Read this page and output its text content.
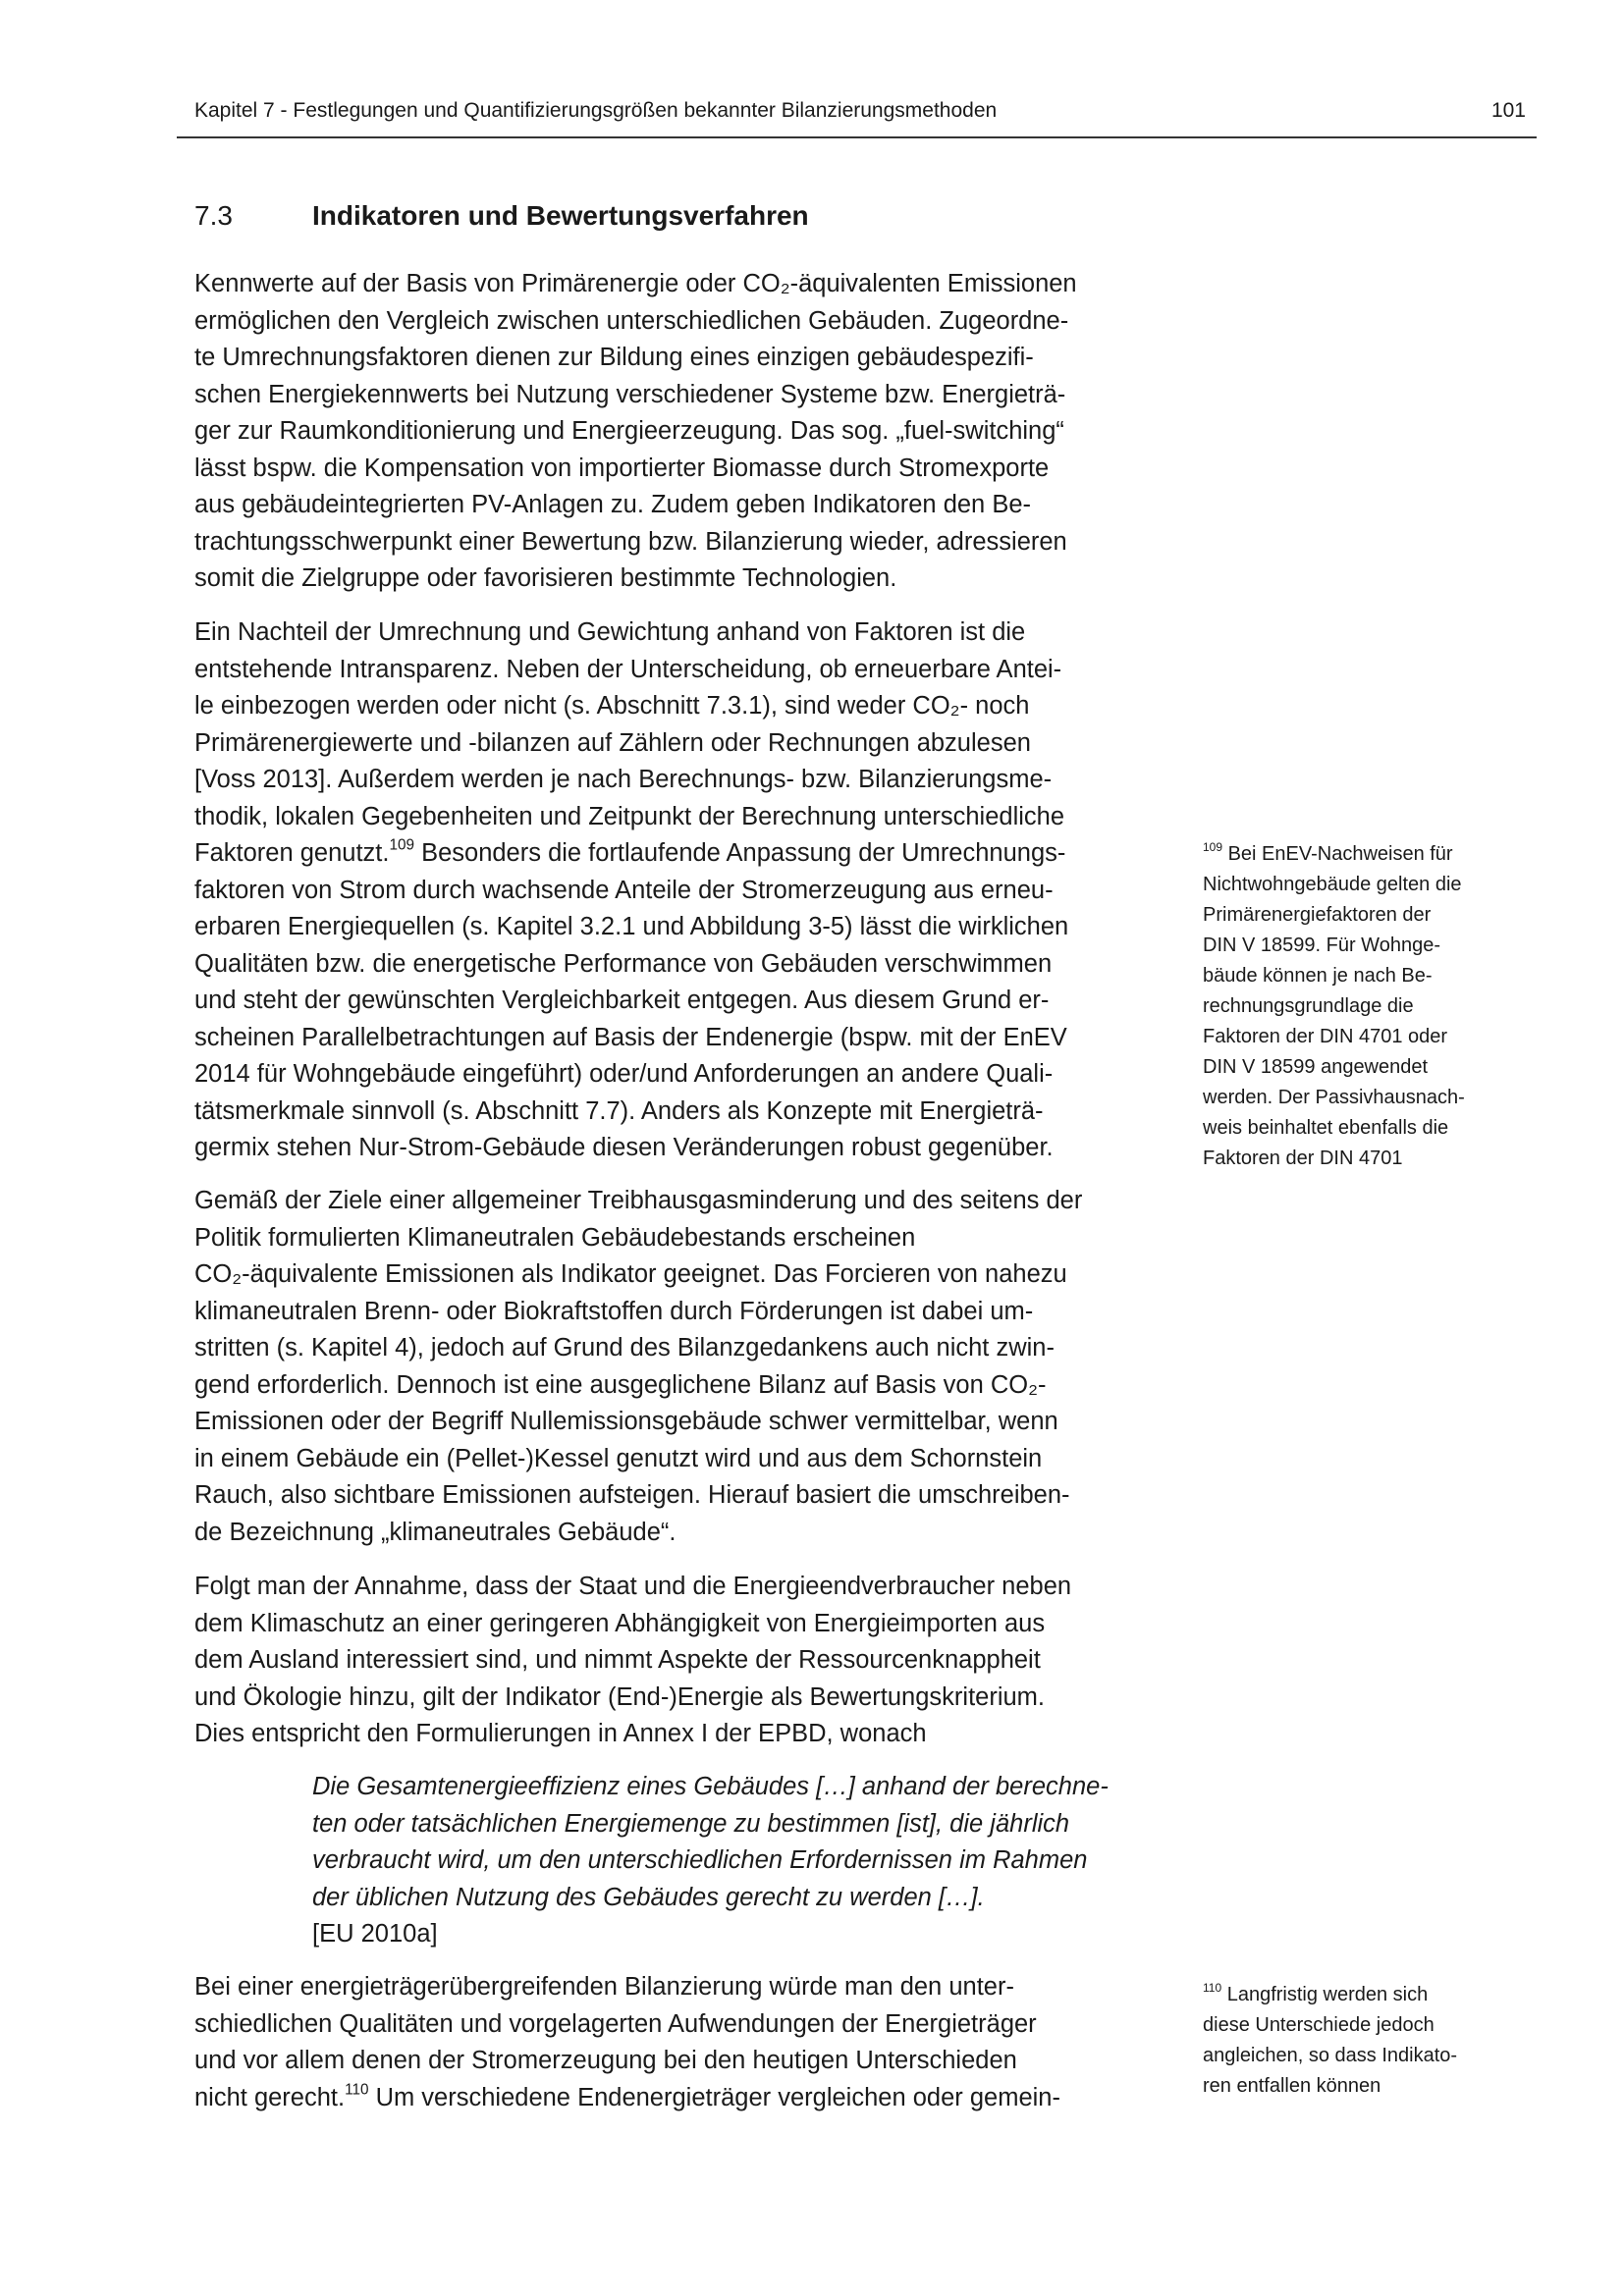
Kapitel 7 - Festlegungen und Quantifizierungsgrößen bekannter Bilanzierungsmethoden	101
7.3	Indikatoren und Bewertungsverfahren
Kennwerte auf der Basis von Primärenergie oder CO₂-äquivalenten Emissionen
ermöglichen den Vergleich zwischen unterschiedlichen Gebäuden. Zugeordne-
te Umrechnungsfaktoren dienen zur Bildung eines einzigen gebäudespezifi-
schen Energiekennwerts bei Nutzung verschiedener Systeme bzw. Energieträ-
ger zur Raumkonditionierung und Energieerzeugung. Das sog. „fuel-switching“
lässt bspw. die Kompensation von importierter Biomasse durch Stromexporte
aus gebäudeintegrierten PV-Anlagen zu. Zudem geben Indikatoren den Be-
trachtungsschwerpunkt einer Bewertung bzw. Bilanzierung wieder, adressieren
somit die Zielgruppe oder favorisieren bestimmte Technologien.
Ein Nachteil der Umrechnung und Gewichtung anhand von Faktoren ist die
entstehende Intransparenz. Neben der Unterscheidung, ob erneuerbare Antei-
le einbezogen werden oder nicht (s. Abschnitt 7.3.1), sind weder CO₂- noch
Primärenergiewerte und -bilanzen auf Zählern oder Rechnungen abzulesen
[Voss 2013]. Außerdem werden je nach Berechnungs- bzw. Bilanzierungsme-
thodik, lokalen Gegebenheiten und Zeitpunkt der Berechnung unterschiedliche
Faktoren genutzt.$^{109}$ Besonders die fortlaufende Anpassung der Umrechnungs-
faktoren von Strom durch wachsende Anteile der Stromerzeugung aus erneu-
erbaren Energiequellen (s. Kapitel 3.2.1 und Abbildung 3-5) lässt die wirklichen
Qualitäten bzw. die energetische Performance von Gebäuden verschwimmen
und steht der gewünschten Vergleichbarkeit entgegen. Aus diesem Grund er-
scheinen Parallelbetrachtungen auf Basis der Endenergie (bspw. mit der EnEV
2014 für Wohngebäude eingeführt) oder/und Anforderungen an andere Quali-
tätsmerkmale sinnvoll (s. Abschnitt 7.7). Anders als Konzepte mit Energieträ-
germix stehen Nur-Strom-Gebäude diesen Veränderungen robust gegenüber.
Gemäß der Ziele einer allgemeiner Treibhausgasminderung und des seitens der
Politik formulierten Klimaneutralen Gebäudebestands erscheinen
CO₂-äquivalente Emissionen als Indikator geeignet. Das Forcieren von nahezu
klimaneutralen Brenn- oder Biokraftstoffen durch Förderungen ist dabei um-
stritten (s. Kapitel 4), jedoch auf Grund des Bilanzgedankens auch nicht zwin-
gend erforderlich. Dennoch ist eine ausgeglichene Bilanz auf Basis von CO₂-
Emissionen oder der Begriff Nullemissionsgebäude schwer vermittelbar, wenn
in einem Gebäude ein (Pellet-)Kessel genutzt wird und aus dem Schornstein
Rauch, also sichtbare Emissionen aufsteigen. Hierauf basiert die umschreiben-
de Bezeichnung „klimaneutrales Gebäude“.
Folgt man der Annahme, dass der Staat und die Energieendverbraucher neben
dem Klimaschutz an einer geringeren Abhängigkeit von Energieimporten aus
dem Ausland interessiert sind, und nimmt Aspekte der Ressourcenknappheit
und Ökologie hinzu, gilt der Indikator (End-)Energie als Bewertungskriterium.
Dies entspricht den Formulierungen in Annex I der EPBD, wonach
Die Gesamtenergieeffizienz eines Gebäudes […] anhand der berechne-
ten oder tatsächlichen Energiemenge zu bestimmen [ist], die jährlich
verbraucht wird, um den unterschiedlichen Erfordernissen im Rahmen
der üblichen Nutzung des Gebäudes gerecht zu werden […].
[EU 2010a]
Bei einer energieträgerübergreifenden Bilanzierung würde man den unter-
schiedlichen Qualitäten und vorgelagerten Aufwendungen der Energieträger
und vor allem denen der Stromerzeugung bei den heutigen Unterschieden
nicht gerecht.$^{110}$ Um verschiedene Endenergieträger vergleichen oder gemein-
$^{109}$ Bei EnEV-Nachweisen für
Nichtwohngebäude gelten die
Primärenergiefaktoren der
DIN V 18599. Für Wohnge-
bäude können je nach Be-
rechnungsgrundlage die
Faktoren der DIN 4701 oder
DIN V 18599 angewendet
werden. Der Passivhausnach-
weis beinhaltet ebenfalls die
Faktoren der DIN 4701
$^{110}$ Langfristig werden sich
diese Unterschiede jedoch
angleichen, so dass Indikato-
ren entfallen können
